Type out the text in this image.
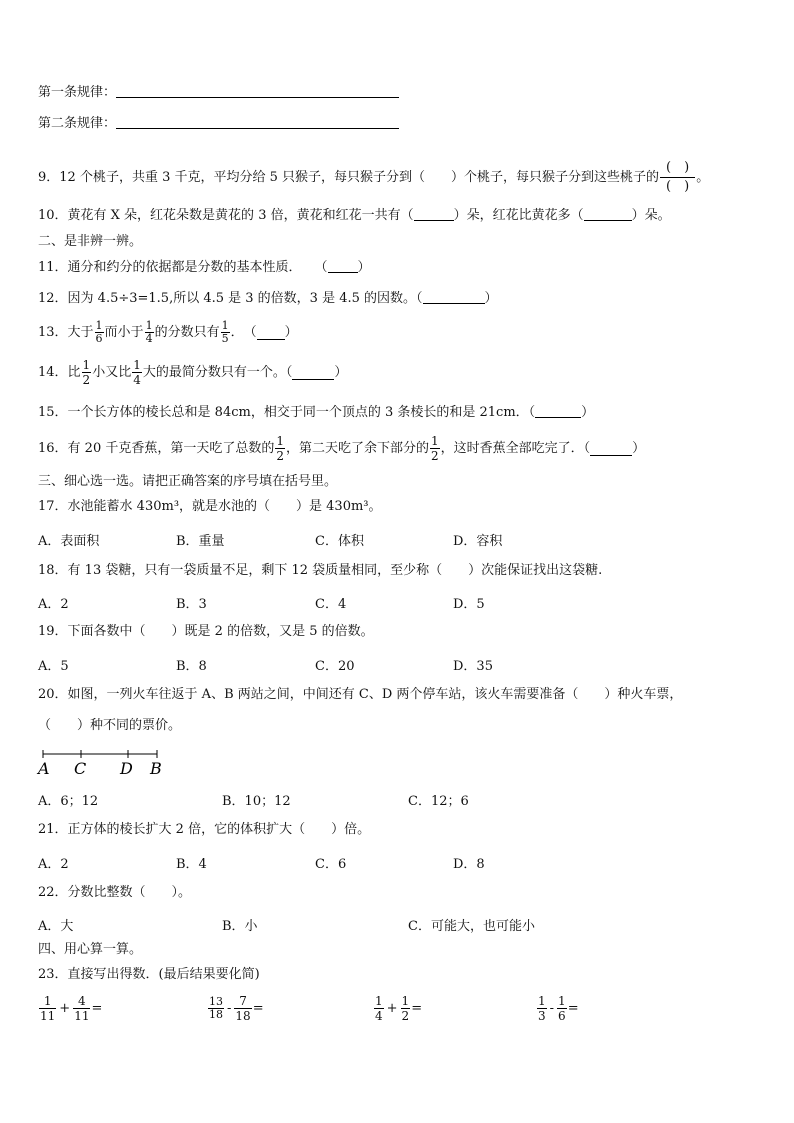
第一条规律：
第二条规律：
9．12 个桃子，共重 3 千克，平均分给 5 只猴子，每只猴子分到（　　）个桃子，每只猴子分到这些桃子的 $\frac{( )}{( )}$ 。
10．黄花有 X 朵，红花朵数是黄花的 3 倍，黄花和红花一共有（	）朵，红花比黄花多（	）朵。
二、是非辨一辨。
11．通分和约分的依据都是分数的基本性质．　　（ ）
12．因为 4.5÷3=1.5,所以 4.5 是 3 的倍数，3 是 4.5 的因数。（	）
13．大于 $\frac{1}{6}$ 而小于 $\frac{1}{4}$ 的分数只有 $\frac{1}{5}$ ．　（ ）
14．比 $\frac{1}{2}$ 小又比 $\frac{1}{4}$ 大的最简分数只有一个。（	）
15．一个长方体的棱长总和是 84cm，相交于同一个顶点的 3 条棱长的和是 21cm．（	）
16．有 20 千克香蕉，第一天吃了总数的 $\frac{1}{2}$ ，第二天吃了余下部分的 $\frac{1}{2}$ ，这时香蕉全部吃完了．（	）
三、细心选一选。请把正确答案的序号填在括号里。
17．水池能蓄水 430m³，就是水池的（　　）是 430m³。
A．表面积	B．重量	C．体积	D．容积
18．有 13 袋糖，只有一袋质量不足，剩下 12 袋质量相同，至少称（　　）次能保证找出这袋糖.
A．2	B．3	C．4	D．5
19．下面各数中（　　）既是 2 的倍数，又是 5 的倍数。
A．5	B．8	C．20	D．35
20．如图，一列火车往返于 A、B 两站之间，中间还有 C、D 两个停车站，该火车需要准备（　　）种火车票，
（　　）种不同的票价。
A C D B
A．6；12	B．10；12	C．12；6
21．正方体的棱长扩大 2 倍，它的体积扩大（　　）倍。
A．2	B．4	C．6	D．8
22．分数比整数（　　）。
A．大	B．小	C．可能大，也可能小
四、用心算一算。
23．直接写出得数．(最后结果要化简)
$\frac{1}{11} + \frac{4}{11}$ =	$\frac{13}{18} - \frac{7}{18}$ =	$\frac{1}{4} + \frac{1}{2}$ =	$\frac{1}{3} - \frac{1}{6}$ =
